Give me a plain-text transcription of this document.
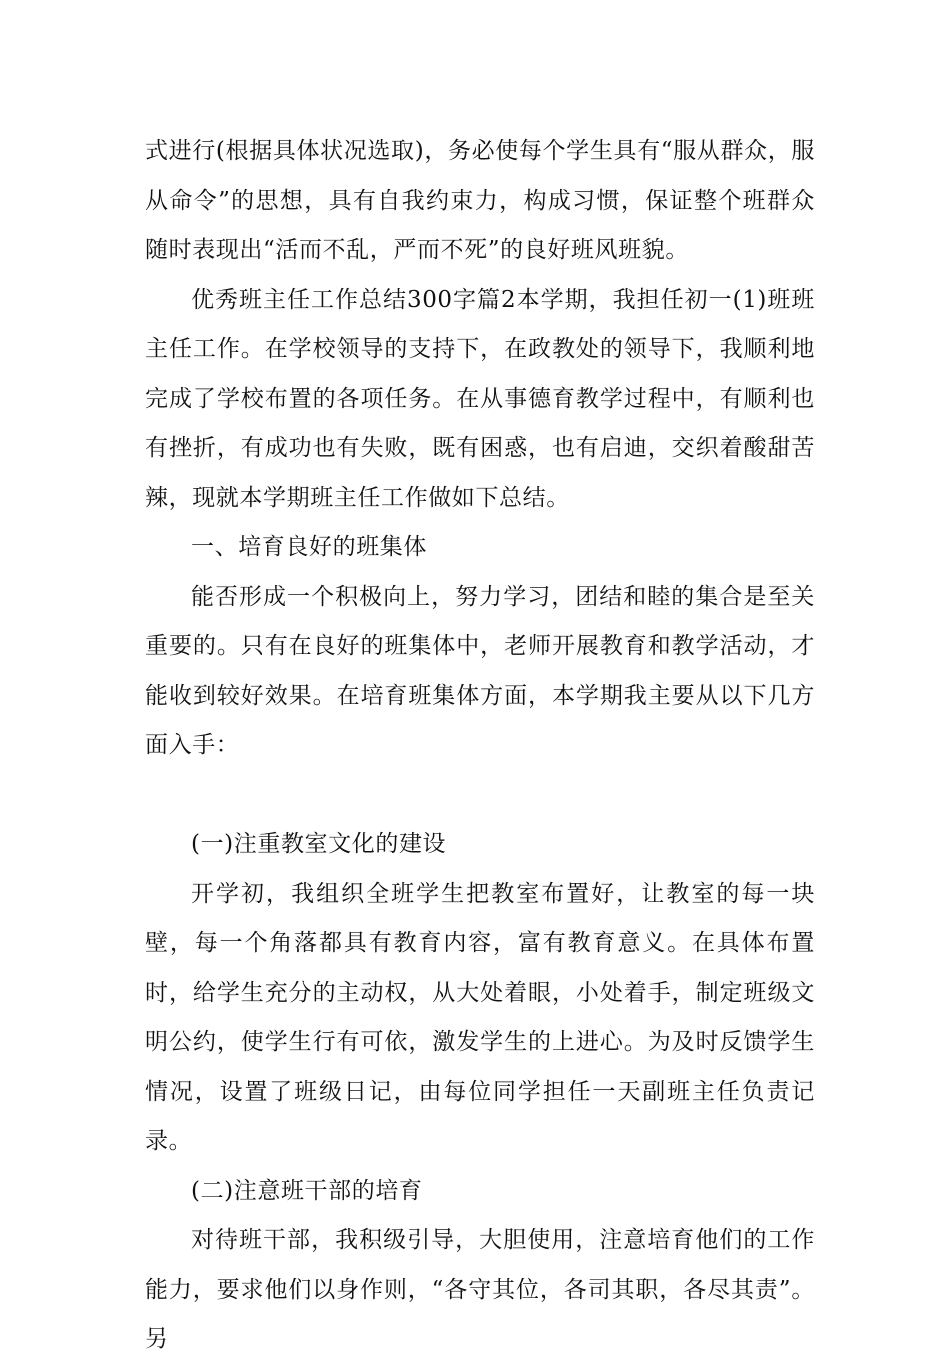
式进行(根据具体状况选取)，务必使每个学生具有“服从群众，服从命令”的思想，具有自我约束力，构成习惯，保证整个班群众随时表现出“活而不乱，严而不死”的良好班风班貌。

优秀班主任工作总结300字篇2本学期，我担任初一(1)班班主任工作。在学校领导的支持下，在政教处的领导下，我顺利地完成了学校布置的各项任务。在从事德育教学过程中，有顺利也有挫折，有成功也有失败，既有困惑，也有启迪，交织着酸甜苦辣，现就本学期班主任工作做如下总结。

一、培育良好的班集体

能否形成一个积极向上，努力学习，团结和睦的集合是至关重要的。只有在良好的班集体中，老师开展教育和教学活动，才能收到较好效果。在培育班集体方面，本学期我主要从以下几方面入手：

(一)注重教室文化的建设

开学初，我组织全班学生把教室布置好，让教室的每一块壁，每一个角落都具有教育内容，富有教育意义。在具体布置时，给学生充分的主动权，从大处着眼，小处着手，制定班级文明公约，使学生行有可依，激发学生的上进心。为及时反馈学生情况，设置了班级日记，由每位同学担任一天副班主任负责记录。

(二)注意班干部的培育

对待班干部，我积级引导，大胆使用，注意培育他们的工作能力，要求他们以身作则，“各守其位，各司其职，各尽其责”。另
